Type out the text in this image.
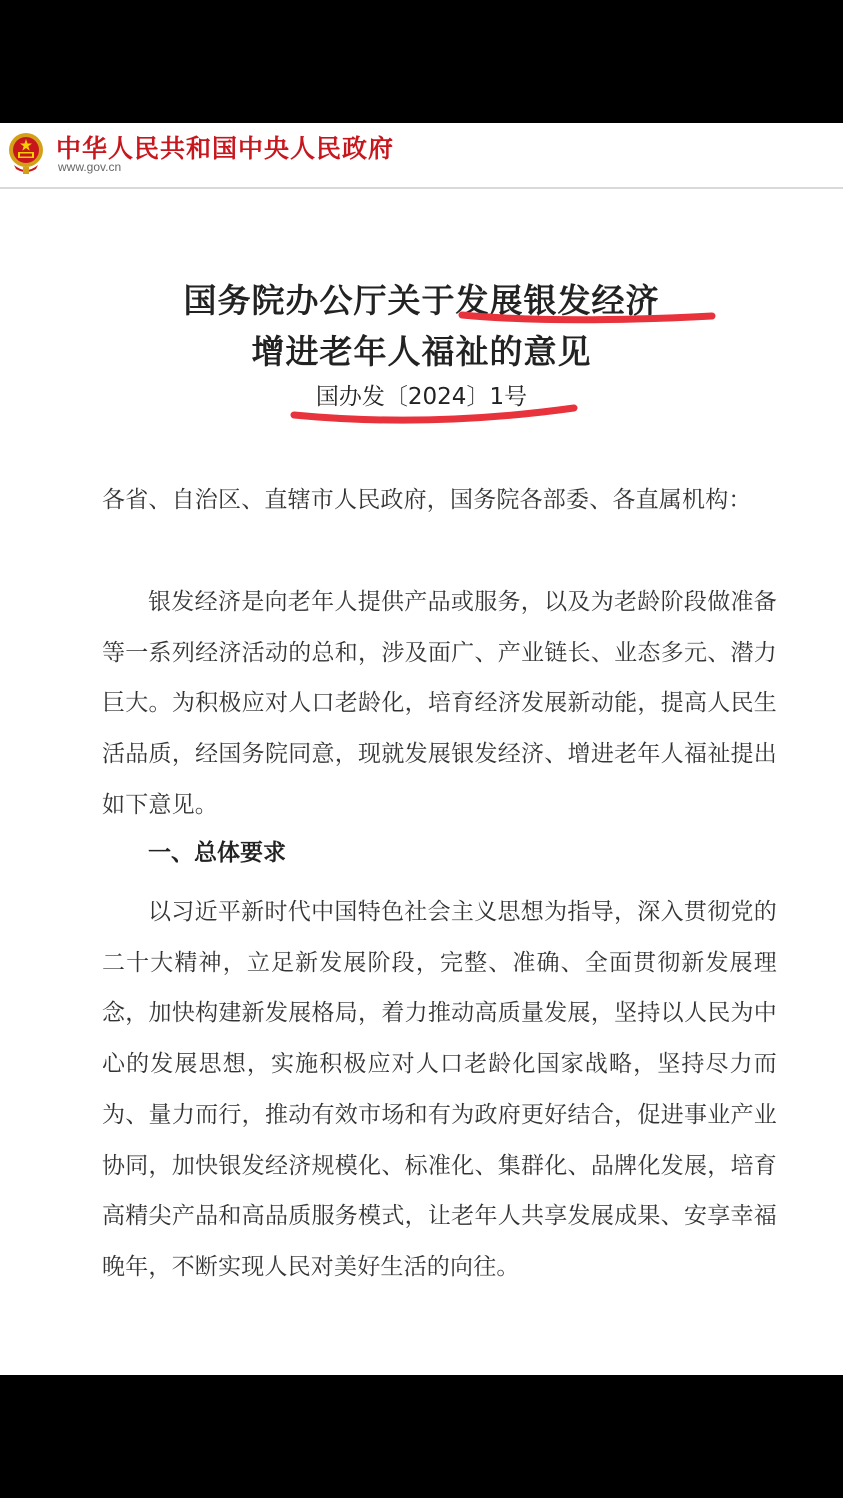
中华人民共和国中央人民政府
www.gov.cn
国务院办公厅关于发展银发经济
增进老年人福祉的意见
国办发〔2024〕1号
各省、自治区、直辖市人民政府，国务院各部委、各直属机构：
银发经济是向老年人提供产品或服务，以及为老龄阶段做准备等一系列经济活动的总和，涉及面广、产业链长、业态多元、潜力巨大。为积极应对人口老龄化，培育经济发展新动能，提高人民生活品质，经国务院同意，现就发展银发经济、增进老年人福祉提出如下意见。
一、总体要求
以习近平新时代中国特色社会主义思想为指导，深入贯彻党的二十大精神，立足新发展阶段，完整、准确、全面贯彻新发展理念，加快构建新发展格局，着力推动高质量发展，坚持以人民为中心的发展思想，实施积极应对人口老龄化国家战略，坚持尽力而为、量力而行，推动有效市场和有为政府更好结合，促进事业产业协同，加快银发经济规模化、标准化、集群化、品牌化发展，培育高精尖产品和高品质服务模式，让老年人共享发展成果、安享幸福晚年，不断实现人民对美好生活的向往。
